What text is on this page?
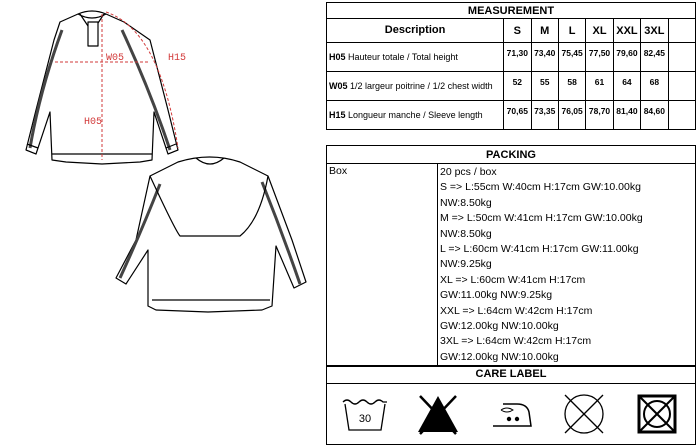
W05	H15
H05
MEASUREMENT							
Description	S	M	L	XL	XXL	3XL	
H05 Hauteur totale / Total height	71,30	73,40	75,45	77,50	79,60	82,45	
W05 1/2 largeur poitrine / 1/2 chest width	52	55	58	61	64	68	
H15 Longueur manche / Sleeve length	70,65	73,35	76,05	78,70	81,40	84,60	
PACKING
Box	20 pcs / box
S => L:55cm W:40cm H:17cm GW:10.00kg
NW:8.50kg
M => L:50cm W:41cm H:17cm GW:10.00kg
NW:8.50kg
L => L:60cm W:41cm H:17cm GW:11.00kg
NW:9.25kg
XL => L:60cm W:41cm H:17cm
GW:11.00kg NW:9.25kg
XXL => L:64cm W:42cm H:17cm
GW:12.00kg NW:10.00kg
3XL => L:64cm W:42cm H:17cm
GW:12.00kg NW:10.00kg
CARE LABEL
30
